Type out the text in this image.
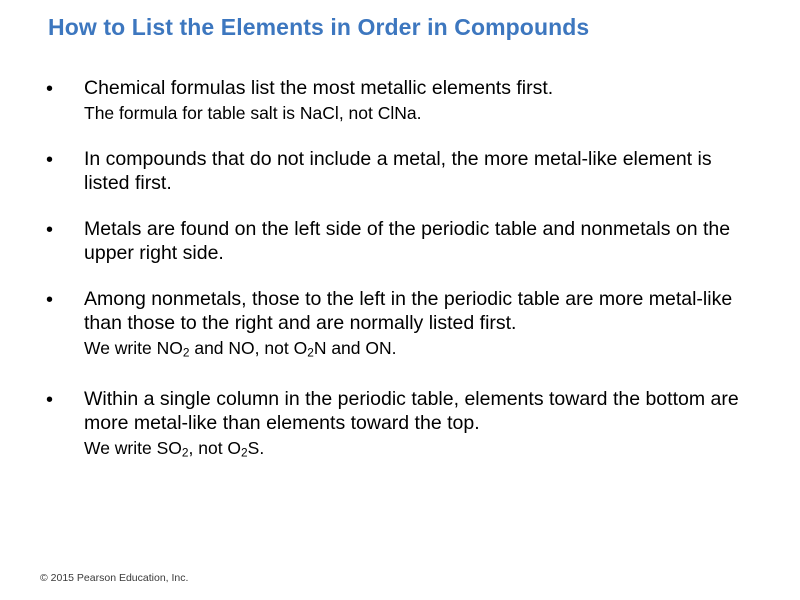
How to List the Elements in Order in Compounds
• Chemical formulas list the most metallic elements first.
The formula for table salt is NaCl, not ClNa.
• In compounds that do not include a metal, the more metal-like element is listed first.
• Metals are found on the left side of the periodic table and nonmetals on the upper right side.
• Among nonmetals, those to the left in the periodic table are more metal-like than those to the right and are normally listed first.
We write $NO_2$ and NO, not $O_2N$ and ON.
• Within a single column in the periodic table, elements toward the bottom are more metal-like than elements toward the top.
We write $SO_2$, not $O_2S$.
© 2015 Pearson Education, Inc.
